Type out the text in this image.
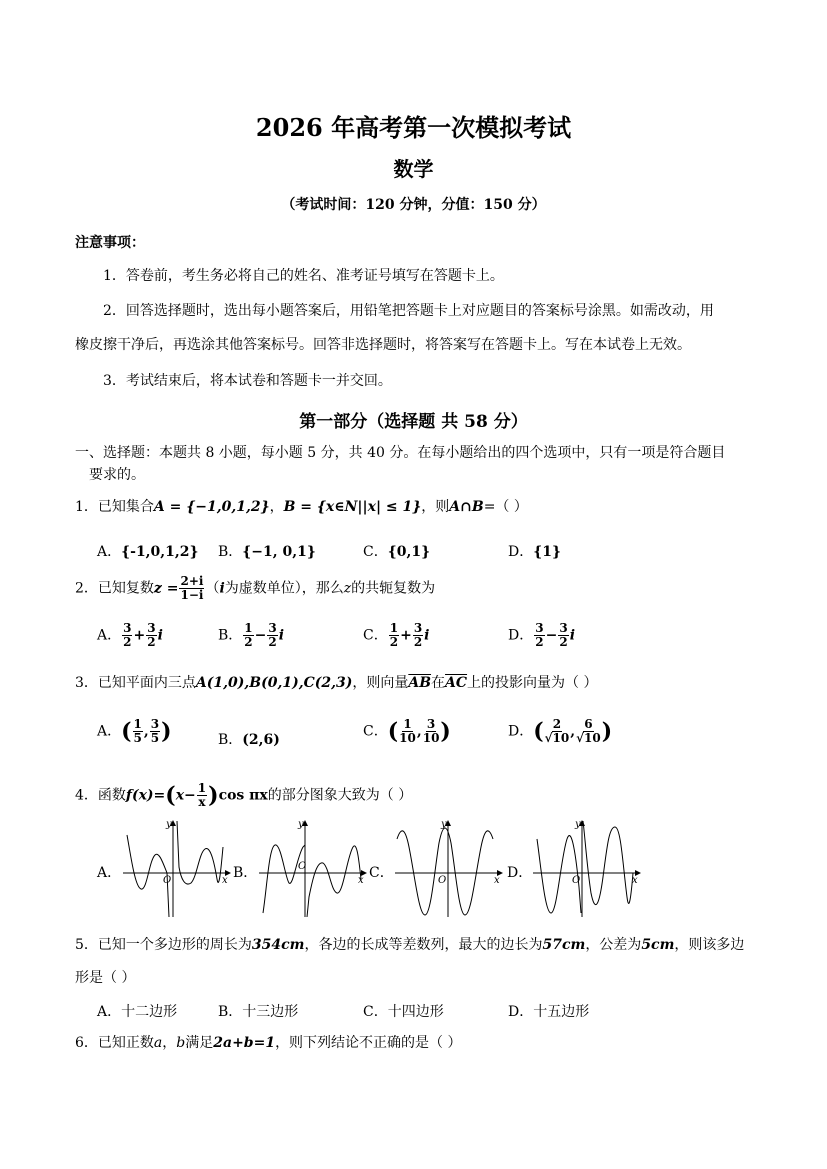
2026 年高考第一次模拟考试
数学
（考试时间：120 分钟，分值：150 分）
注意事项：
1．答卷前，考生务必将自己的姓名、准考证号填写在答题卡上。
2．回答选择题时，选出每小题答案后，用铅笔把答题卡上对应题目的答案标号涂黑。如需改动，用
橡皮擦干净后，再选涂其他答案标号。回答非选择题时，将答案写在答题卡上。写在本试卷上无效。
3．考试结束后，将本试卷和答题卡一并交回。
第一部分（选择题 共 58 分）
一、选择题：本题共 8 小题，每小题 5 分，共 40 分。在每小题给出的四个选项中，只有一项是符合题目
要求的。
1．已知集合A = {−1,0,1,2}，B = {x∈N||x| ≤ 1}，则A∩B=（ ）
A．{-1,0,1,2} B．{−1, 0,1}	C．{0,1}	D．{1}
2．已知复数$z = \frac{2+i}{1-i} (i$为虚数单位），那么z的共轭复数为
A． $\frac{3}{2} + \frac{3}{2}$ i	B． $\frac{1}{2} - \frac{3}{2}$ i	C． $\frac{1}{2} + \frac{3}{2}$ i	D． $\frac{3}{2} - \frac{3}{2}$ i
3．已知平面内三点A(1,0),B(0,1),C(2,3)，则向量$\overline{AB}$在$\overline{AC}$上的投影向量为（ ）
A．( $\frac{1}{5}$ , $\frac{3}{5}$ )	B．(2,6)
C．( $\frac{1}{10}$ , $\frac{3}{10}$ )	D．( $\frac{2}{√10}$ , $\frac{6}{√10}$ )
4．函数$f(x)=(x- \frac{1}{x} )\cos$ πx的部分图象大致为（ ）
A．	B．	C．	D．
y
x
O
y
x
O
y
x
O
y
x
O
5．已知一个多边形的周长为354cm，各边的长成等差数列，最大的边长为57cm，公差为5cm，则该多边
形是（ ）
A．十二边形	B．十三边形	C．十四边形	D．十五边形
6．已知正数a，b满足2a+b=1，则下列结论不正确的是（ ）
